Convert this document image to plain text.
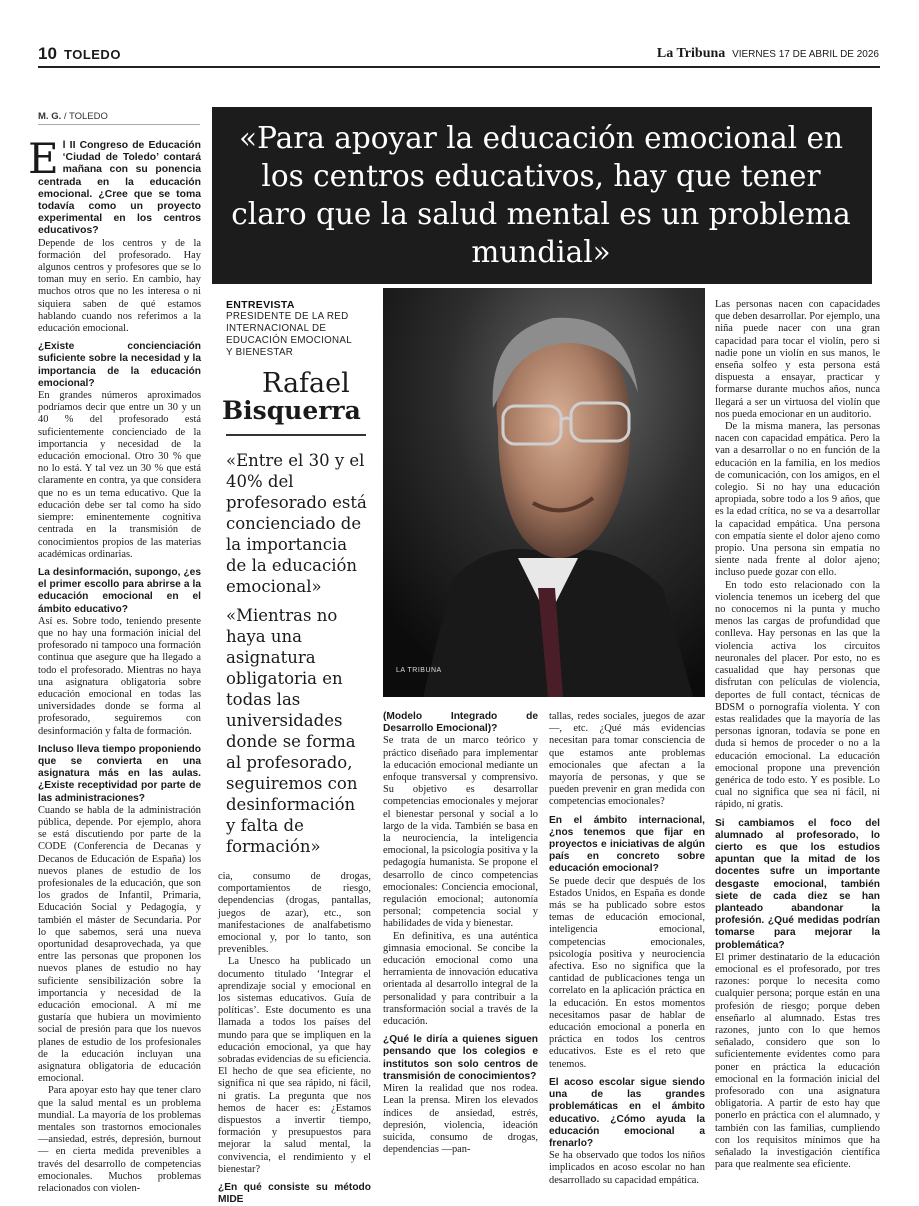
10 TOLEDO	La Tribuna VIERNES 17 DE ABRIL DE 2026
M. G. / TOLEDO
«Para apoyar la educación emocional en los centros educativos, hay que tener claro que la salud mental es un problema mundial»

E l II Congreso de Educación ‘Ciudad de Toledo’ contará mañana con su ponencia centrada en la educación emocional. ¿Cree que se toma todavía como un proyecto experimental en los centros educativos?

Depende de los centros y de la formación del profesorado. Hay algunos centros y profesores que se lo toman muy en serio. En cambio, hay muchos otros que no les interesa o ni siquiera saben de qué estamos hablando cuando nos referimos a la educación emocional.

¿Existe concienciación suficiente sobre la necesidad y la importancia de la educación emocional?

En grandes números aproximados podríamos decir que entre un 30 y un 40 % del profesorado está suficientemente concienciado de la importancia y necesidad de la educación emocional. Otro 30 % que no lo está. Y tal vez un 30 % que está claramente en contra, ya que considera que no es un tema educativo. Que la educación debe ser tal como ha sido siempre: eminentemente cognitiva centrada en la transmisión de conocimientos propios de las materias académicas ordinarias.

La desinformación, supongo, ¿es el primer escollo para abrirse a la educación emocional en el ámbito educativo?

Así es. Sobre todo, teniendo presente que no hay una formación inicial del profesorado ni tampoco una formación continua que asegure que ha llegado a todo el profesorado. Mientras no haya una asignatura obligatoria sobre educación emocional en todas las universidades donde se forma al profesorado, seguiremos con desinformación y falta de formación.

Incluso lleva tiempo proponiendo que se convierta en una asignatura más en las aulas. ¿Existe receptividad por parte de las administraciones?

Cuando se habla de la administración pública, depende. Por ejemplo, ahora se está discutiendo por parte de la CODE (Conferencia de Decanas y Decanos de Educación de España) los nuevos planes de estudio de los profesionales de la educación, que son los grados de Infantil, Primaria, Educación Social y Pedagogía, y también el máster de Secundaria. Por lo que sabemos, será una nueva oportunidad desaprovechada, ya que entre las personas que proponen los nuevos planes de estudio no hay suficiente sensibilización sobre la importancia y necesidad de la educación emocional. A mí me gustaría que hubiera un movimiento social de presión para que los nuevos planes de estudio de los profesionales de la educación incluyan una asignatura obligatoria de educación emocional.

Para apoyar esto hay que tener claro que la salud mental es un problema mundial. La mayoría de los problemas mentales son trastornos emocionales —ansiedad, estrés, depresión, burnout— en cierta medida prevenibles a través del desarrollo de competencias emocionales. Muchos problemas relacionados con violen-

ENTREVISTA
PRESIDENTE DE LA RED INTERNACIONAL DE EDUCACIÓN EMOCIONAL Y BIENESTAR
Rafael
Bisquerra
«Entre el 30 y el 40% del profesorado está concienciado de la importancia de la educación emocional»
«Mientras no haya una asignatura obligatoria en todas las universidades donde se forma al profesorado, seguiremos con desinformación y falta de formación»

cia, consumo de drogas, comportamientos de riesgo, dependencias (drogas, pantallas, juegos de azar), etc., son manifestaciones de analfabetismo emocional y, por lo tanto, son prevenibles.

La Unesco ha publicado un documento titulado ‘Integrar el aprendizaje social y emocional en los sistemas educativos. Guía de políticas’. Este documento es una llamada a todos los países del mundo para que se impliquen en la educación emocional, ya que hay sobradas evidencias de su eficiencia. El hecho de que sea eficiente, no significa ni que sea rápido, ni fácil, ni gratis. La pregunta que nos hemos de hacer es: ¿Estamos dispuestos a invertir tiempo, formación y presupuestos para mejorar la salud mental, la convivencia, el rendimiento y el bienestar?

¿En qué consiste su método MIDE

LA TRIBUNA

(Modelo Integrado de Desarrollo Emocional)?

Se trata de un marco teórico y práctico diseñado para implementar la educación emocional mediante un enfoque transversal y comprensivo. Su objetivo es desarrollar competencias emocionales y mejorar el bienestar personal y social a lo largo de la vida. También se basa en la neurociencia, la inteligencia emocional, la psicología positiva y la pedagogía humanista. Se propone el desarrollo de cinco competencias emocionales: Conciencia emocional, regulación emocional; autonomía personal; competencia social y habilidades de vida y bienestar.

En definitiva, es una auténtica gimnasia emocional. Se concibe la educación emocional como una herramienta de innovación educativa orientada al desarrollo integral de la personalidad y para contribuir a la transformación social a través de la educación.

¿Qué le diría a quienes siguen pensando que los colegios e institutos son solo centros de transmisión de conocimientos?

Miren la realidad que nos rodea. Lean la prensa. Miren los elevados índices de ansiedad, estrés, depresión, violencia, ideación suicida, consumo de drogas, dependencias —pan-

tallas, redes sociales, juegos de azar—, etc. ¿Qué más evidencias necesitan para tomar consciencia de que estamos ante problemas emocionales que afectan a la mayoría de personas, y que se pueden prevenir en gran medida con competencias emocionales?

En el ámbito internacional, ¿nos tenemos que fijar en proyectos e iniciativas de algún país en concreto sobre educación emocional?

Se puede decir que después de los Estados Unidos, en España es donde más se ha publicado sobre estos temas de educación emocional, inteligencia emocional, competencias emocionales, psicología positiva y neurociencia afectiva. Eso no significa que la cantidad de publicaciones tenga un correlato en la aplicación práctica en la educación. En estos momentos necesitamos pasar de hablar de educación emocional a ponerla en práctica en todos los centros educativos. Este es el reto que tenemos.

El acoso escolar sigue siendo una de las grandes problemáticas en el ámbito educativo. ¿Cómo ayuda la educación emocional a frenarlo?

Se ha observado que todos los niños implicados en acoso escolar no han desarrollado su capacidad empática.

Las personas nacen con capacidades que deben desarrollar. Por ejemplo, una niña puede nacer con una gran capacidad para tocar el violín, pero si nadie pone un violín en sus manos, le enseña solfeo y esta persona está dispuesta a ensayar, practicar y formarse durante muchos años, nunca llegará a ser un virtuosa del violín que nos pueda emocionar en un auditorio.

De la misma manera, las personas nacen con capacidad empática. Pero la van a desarrollar o no en función de la educación en la familia, en los medios de comunicación, con los amigos, en el colegio. Si no hay una educación apropiada, sobre todo a los 9 años, que es la edad crítica, no se va a desarrollar la capacidad empática. Una persona con empatía siente el dolor ajeno como propio. Una persona sin empatía no siente nada frente al dolor ajeno; incluso puede gozar con ello.

En todo esto relacionado con la violencia tenemos un iceberg del que no conocemos ni la punta y mucho menos las cargas de profundidad que conlleva. Hay personas en las que la violencia activa los circuitos neuronales del placer. Por esto, no es casualidad que hay personas que disfrutan con películas de violencia, deportes de full contact, técnicas de BDSM o pornografía violenta. Y con estas realidades que la mayoría de las personas ignoran, todavía se pone en duda si hemos de proceder o no a la educación emocional. La educación emocional propone una prevención genérica de todo esto. Y es posible. Lo cual no significa que sea ni fácil, ni rápido, ni gratis.

Si cambiamos el foco del alumnado al profesorado, lo cierto es que los estudios apuntan que la mitad de los docentes sufre un importante desgaste emocional, también siete de cada diez se han planteado abandonar la profesión. ¿Qué medidas podrían tomarse para mejorar la problemática?

El primer destinatario de la educación emocional es el profesorado, por tres razones: porque lo necesita como cualquier persona; porque están en una profesión de riesgo; porque deben enseñarlo al alumnado. Estas tres razones, junto con lo que hemos señalado, considero que son lo suficientemente evidentes como para poner en práctica la educación emocional en la formación inicial del profesorado con una asignatura obligatoria. A partir de esto hay que ponerlo en práctica con el alumnado, y también con las familias, cumpliendo con los requisitos mínimos que ha señalado la investigación científica para que realmente sea eficiente.
